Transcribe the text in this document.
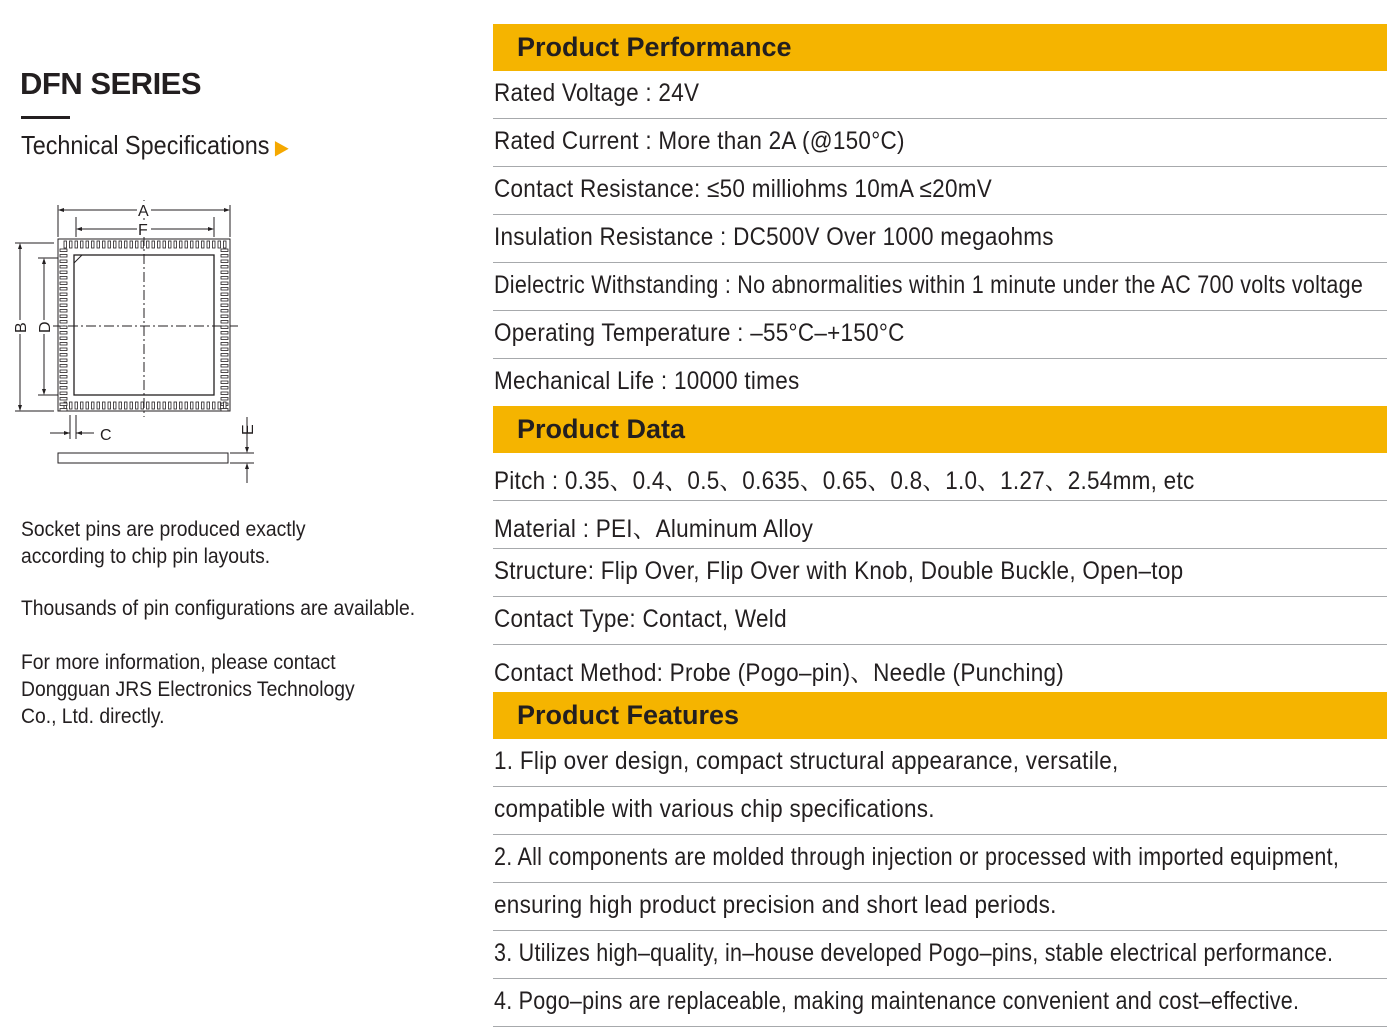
DFN SERIES
Technical Specifications ▶
A
F
C
B D
E
Socket pins are produced exactly
according to chip pin layouts.
Thousands of pin configurations are available.
For more information, please contact
Dongguan JRS Electronics Technology
Co., Ltd. directly.
Product Performance
Rated Voltage : 24V
Rated Current : More than 2A (@150°C)
Contact Resistance: ≤50 milliohms 10mA ≤20mV
Insulation Resistance : DC500V Over 1000 megaohms
Dielectric Withstanding : No abnormalities within 1 minute under the AC 700 volts voltage
Operating Temperature : –55°C–+150°C
Mechanical Life : 10000 times
Product Data
Pitch : 0.35、0.4、0.5、0.635、0.65、0.8、1.0、1.27、2.54mm, etc
Material : PEI、Aluminum Alloy
Structure: Flip Over, Flip Over with Knob, Double Buckle, Open–top
Contact Type: Contact, Weld
Contact Method: Probe (Pogo–pin)、Needle (Punching)
Product Features
1. Flip over design, compact structural appearance, versatile,
compatible with various chip specifications.
2. All components are molded through injection or processed with imported equipment,
ensuring high product precision and short lead periods.
3. Utilizes high–quality, in–house developed Pogo–pins, stable electrical performance.
4. Pogo–pins are replaceable, making maintenance convenient and cost–effective.
